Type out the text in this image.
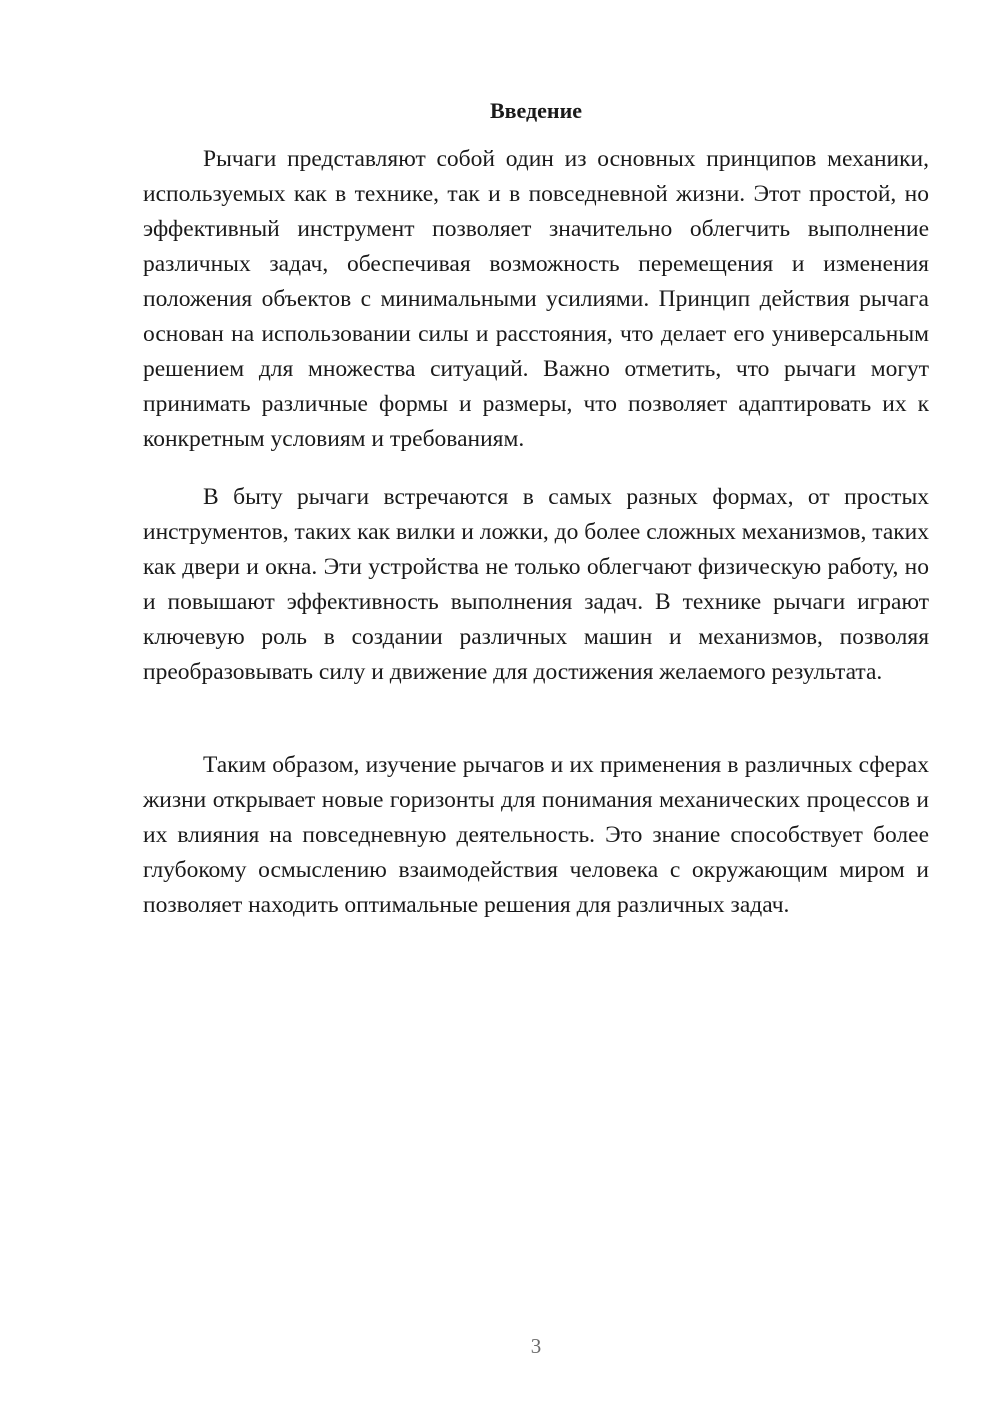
Введение

Рычаги представляют собой один из основных принципов механики, используемых как в технике, так и в повседневной жизни. Этот простой, но эффективный инструмент позволяет значительно облегчить выполнение различных задач, обеспечивая возможность перемещения и изменения положения объектов с минимальными усилиями. Принцип действия рычага основан на использовании силы и расстояния, что делает его универсальным решением для множества ситуаций. Важно отметить, что рычаги могут принимать различные формы и размеры, что позволяет адаптировать их к конкретным условиям и требованиям.

В быту рычаги встречаются в самых разных формах, от простых инструментов, таких как вилки и ложки, до более сложных механизмов, таких как двери и окна. Эти устройства не только облегчают физическую работу, но и повышают эффективность выполнения задач. В технике рычаги играют ключевую роль в создании различных машин и механизмов, позволяя преобразовывать силу и движение для достижения желаемого результата.

Таким образом, изучение рычагов и их применения в различных сферах жизни открывает новые горизонты для понимания механических процессов и их влияния на повседневную деятельность. Это знание способствует более глубокому осмыслению взаимодействия человека с окружающим миром и позволяет находить оптимальные решения для различных задач.

3
